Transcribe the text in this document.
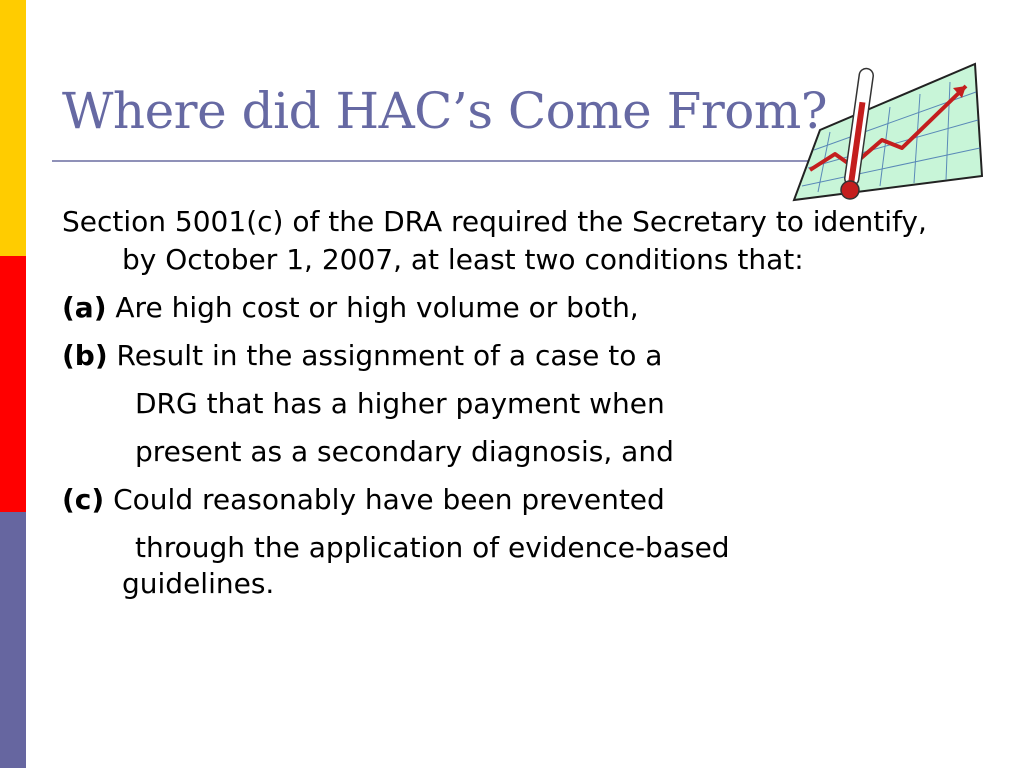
Where did HAC’s Come From?
Section 5001(c) of the DRA required the Secretary to identify, by October 1, 2007, at least two conditions that:
(a) Are high cost or high volume or both,
(b) Result in the assignment of a case to a
DRG that has a higher payment when
present as a secondary diagnosis, and
(c) Could reasonably have been prevented
through the application of evidence-based
guidelines.
